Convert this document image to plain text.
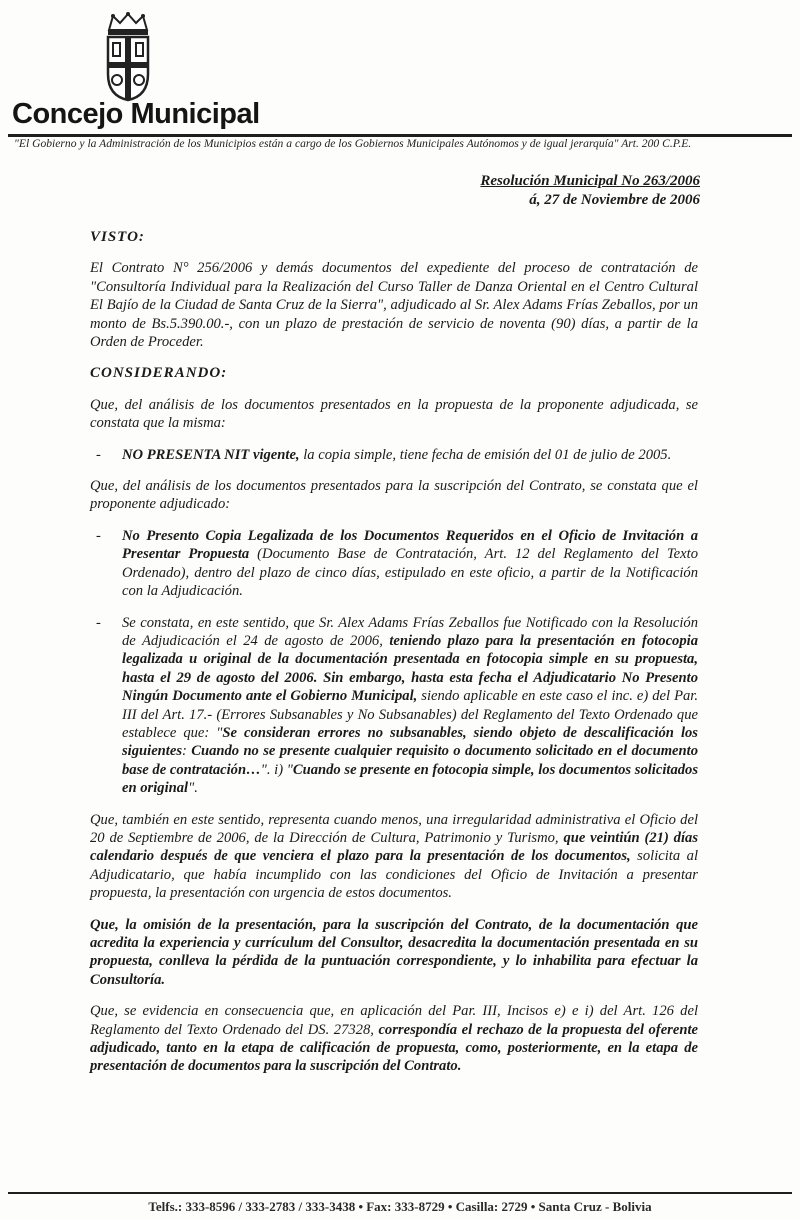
Concejo Municipal
"El Gobierno y la Administración de los Municipios están a cargo de los Gobiernos Municipales Autónomos y de igual jerarquía" Art. 200 C.P.E.
Resolución Municipal No 263/2006
á, 27 de Noviembre de 2006

VISTO:

El Contrato N° 256/2006 y demás documentos del expediente del proceso de contratación de "Consultoría Individual para la Realización del Curso Taller de Danza Oriental en el Centro Cultural El Bajío de la Ciudad de Santa Cruz de la Sierra", adjudicado al Sr. Alex Adams Frías Zeballos, por un monto de Bs.5.390.00.-, con un plazo de prestación de servicio de noventa (90) días, a partir de la Orden de Proceder.

CONSIDERANDO:

Que, del análisis de los documentos presentados en la propuesta de la proponente adjudicada, se constata que la misma:

- NO PRESENTA NIT vigente, la copia simple, tiene fecha de emisión del 01 de julio de 2005.

Que, del análisis de los documentos presentados para la suscripción del Contrato, se constata que el proponente adjudicado:

- No Presento Copia Legalizada de los Documentos Requeridos en el Oficio de Invitación a Presentar Propuesta (Documento Base de Contratación, Art. 12 del Reglamento del Texto Ordenado), dentro del plazo de cinco días, estipulado en este oficio, a partir de la Notificación con la Adjudicación.
- Se constata, en este sentido, que Sr. Alex Adams Frías Zeballos fue Notificado con la Resolución de Adjudicación el 24 de agosto de 2006, teniendo plazo para la presentación en fotocopia legalizada u original de la documentación presentada en fotocopia simple en su propuesta, hasta el 29 de agosto del 2006. Sin embargo, hasta esta fecha el Adjudicatario No Presento Ningún Documento ante el Gobierno Municipal, siendo aplicable en este caso el inc. e) del Par. III del Art. 17.- (Errores Subsanables y No Subsanables) del Reglamento del Texto Ordenado que establece que: "Se consideran errores no subsanables, siendo objeto de descalificación los siguientes: Cuando no se presente cualquier requisito o documento solicitado en el documento base de contratación…". i) "Cuando se presente en fotocopia simple, los documentos solicitados en original".

Que, también en este sentido, representa cuando menos, una irregularidad administrativa el Oficio del 20 de Septiembre de 2006, de la Dirección de Cultura, Patrimonio y Turismo, que veintiún (21) días calendario después de que venciera el plazo para la presentación de los documentos, solicita al Adjudicatario, que había incumplido con las condiciones del Oficio de Invitación a presentar propuesta, la presentación con urgencia de estos documentos.

Que, la omisión de la presentación, para la suscripción del Contrato, de la documentación que acredita la experiencia y currículum del Consultor, desacredita la documentación presentada en su propuesta, conlleva la pérdida de la puntuación correspondiente, y lo inhabilita para efectuar la Consultoría.

Que, se evidencia en consecuencia que, en aplicación del Par. III, Incisos e) e i) del Art. 126 del Reglamento del Texto Ordenado del DS. 27328, correspondía el rechazo de la propuesta del oferente adjudicado, tanto en la etapa de calificación de propuesta, como, posteriormente, en la etapa de presentación de documentos para la suscripción del Contrato.

Telfs.: 333-8596 / 333-2783 / 333-3438 • Fax: 333-8729 • Casilla: 2729 • Santa Cruz - Bolivia
